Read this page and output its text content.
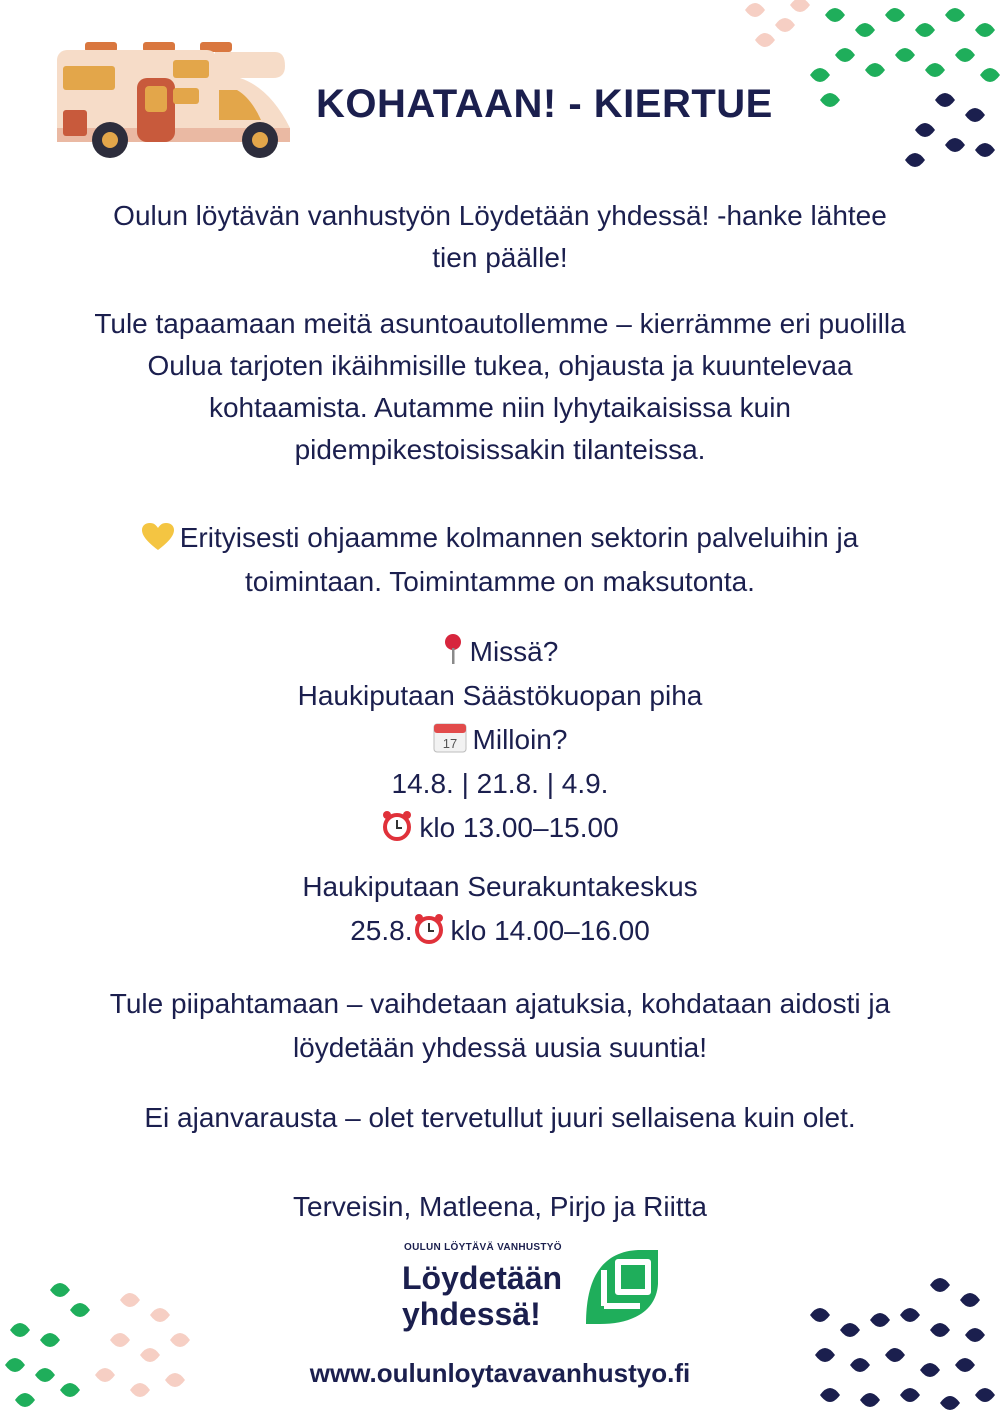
KOHATAAN! - KIERTUE

Oulun löytävän vanhustyön Löydetään yhdessä! -hanke lähtee

tien päälle!

Tule tapaamaan meitä asuntoautollemme – kierrämme eri puolilla

Oulua tarjoten ikäihmisille tukea, ohjausta ja kuuntelevaa

kohtaamista. Autamme niin lyhytaikaisissa kuin

pidempikestoisissakin tilanteissa.

Erityisesti ohjaamme kolmannen sektorin palveluihin ja

toimintaan. Toimintamme on maksutonta.

Missä?

Haukiputaan Säästökuopan piha

17 Milloin?

14.8. | 21.8. | 4.9.

klo 13.00–15.00

Haukiputaan Seurakuntakeskus

25.8. klo 14.00–16.00

Tule piipahtamaan – vaihdetaan ajatuksia, kohdataan aidosti ja

löydetään yhdessä uusia suuntia!

Ei ajanvarausta – olet tervetullut juuri sellaisena kuin olet.

Terveisin, Matleena, Pirjo ja Riitta

OULUN LÖYTÄVÄ VANHUSTYÖ
Löydetään
yhdessä!
www.oulunloytavavanhustyo.fi
